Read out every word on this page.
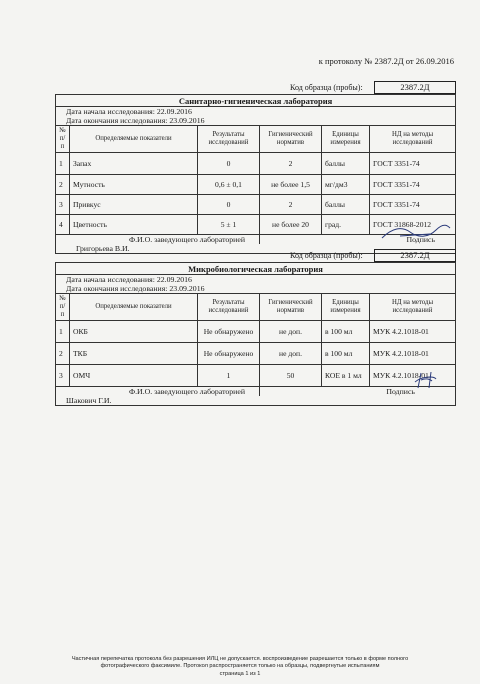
к протоколу № 2387.2Д от 26.09.2016
Код образца (пробы):	2387.2Д
Санитарно-гигиеническая лаборатория					
Дата начала исследования: 22.09.2016					
Дата окончания исследования: 23.09.2016					
№ п/п	Определяемые показатели	Результаты исследований	Гигиенический норматив	Единицы измерения	НД на методы исследований
1	Запах	0	2	баллы	ГОСТ 3351-74
2	Мутность	0,6 ± 0,1	не более 1,5	мг/дм3	ГОСТ 3351-74
3	Привкус	0	2	баллы	ГОСТ 3351-74
4	Цветность	5 ± 1	не более 20	град.	ГОСТ 31868-2012
Ф.И.О. заведующего лабораторией			Подпись		
Григорьева В.И.					
Код образца (пробы):	2387.2Д
Микробиологическая лаборатория					
Дата начала исследования: 22.09.2016					
Дата окончания исследования: 23.09.2016					
№ п/п	Определяемые показатели	Результаты исследований	Гигиенический норматив	Единицы измерения	НД на методы исследований
1	ОКБ	Не обнаружено	не доп.	в 100 мл	МУК 4.2.1018-01
2	ТКБ	Не обнаружено	не доп.	в 100 мл	МУК 4.2.1018-01
3	ОМЧ	1	50	КОЕ в 1 мл	МУК 4.2.1018-01
Ф.И.О. заведующего лабораторией			Подпись		
Шакович Г.И.					
Частичная перепечатка протокола без разрешения ИЛЦ не допускается. воспроизведение разрешается только в форме полного
фотографического факсимиле. Протокол распространяется только на образцы, подвергнутые испытаниям
страница 1 из 1
